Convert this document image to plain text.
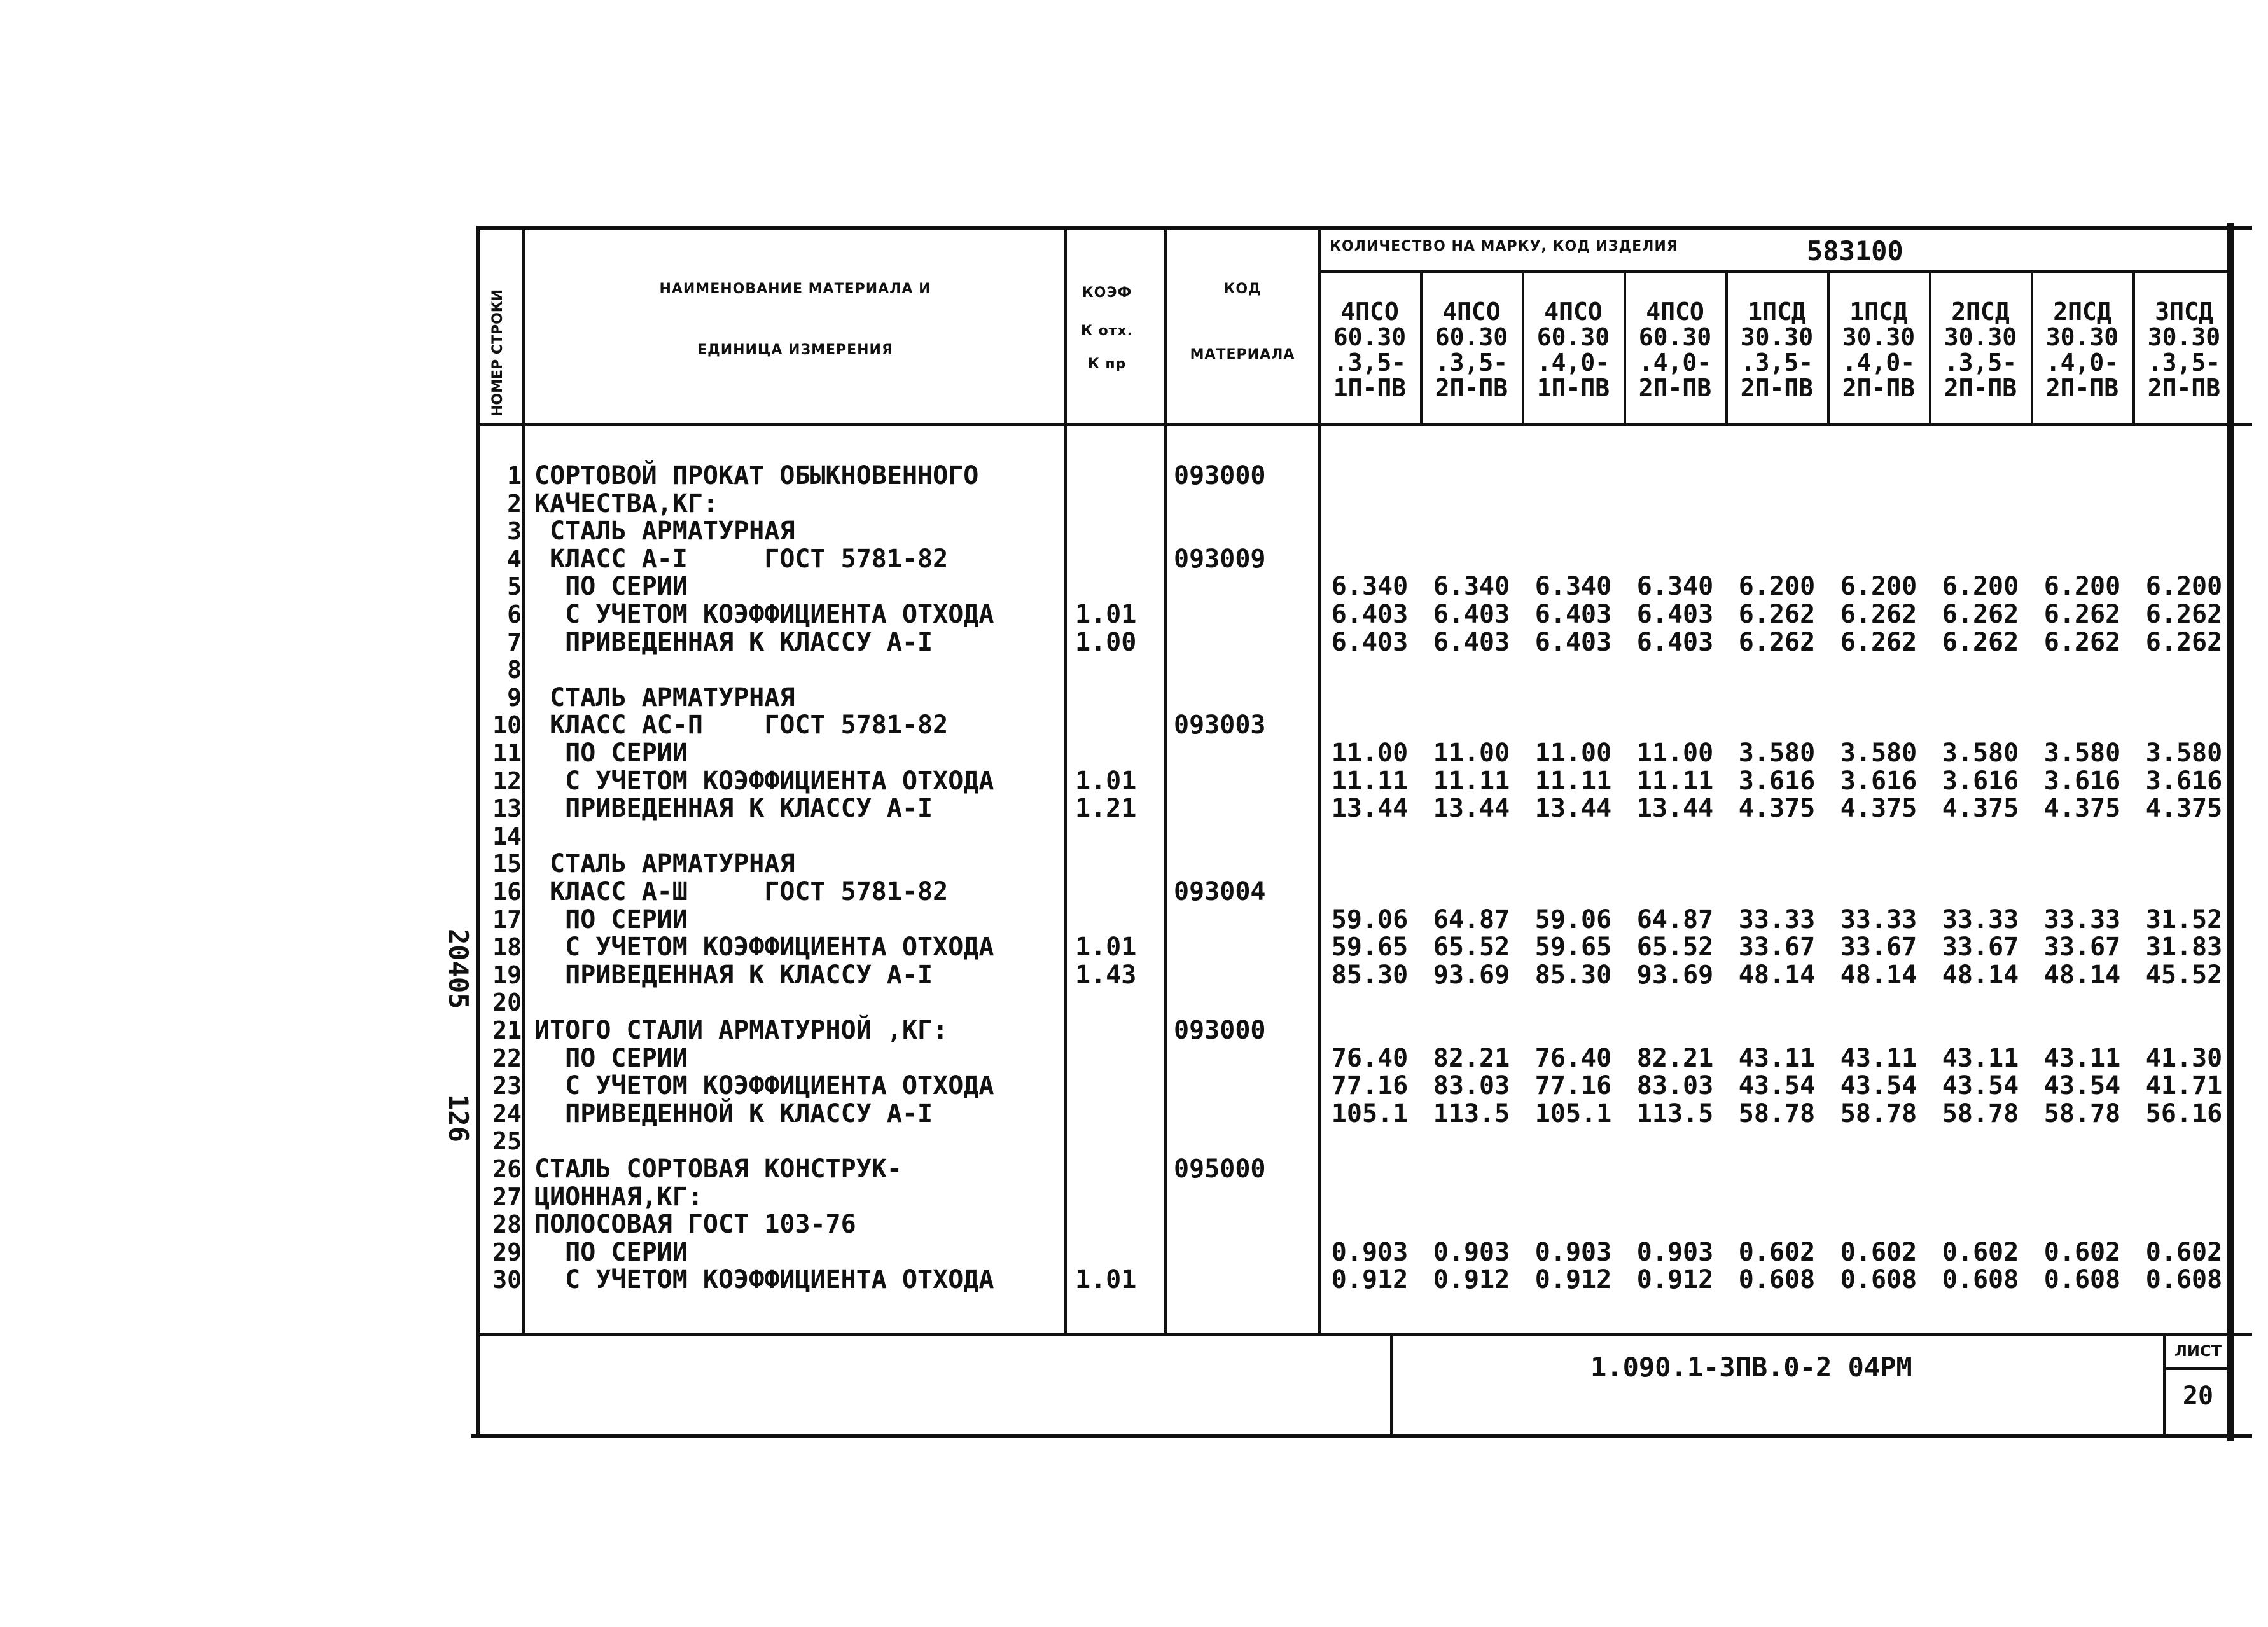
20405
126
НОМЕР СТРОКИ
НАИМЕНОВАНИЕ МАТЕРИАЛА И
ЕДИНИЦА ИЗМЕРЕНИЯ
КОЭФ
К отх.
К пр
КОД
МАТЕРИАЛА
КОЛИЧЕСТВО НА МАРКУ, КОД ИЗДЕЛИЯ	583100
4ПСО
60.30
.3,5-
1П-ПВ
4ПСО
60.30
.3,5-
2П-ПВ
4ПСО
60.30
.4,0-
1П-ПВ
4ПСО
60.30
.4,0-
2П-ПВ
1ПСД
30.30
.3,5-
2П-ПВ
1ПСД
30.30
.4,0-
2П-ПВ
2ПСД
30.30
.3,5-
2П-ПВ
2ПСД
30.30
.4,0-
2П-ПВ
3ПСД
30.30
.3,5-
2П-ПВ
1 СОРТОВОЙ ПРОКАТ ОБЫКНОВЕННОГО	093000
2 КАЧЕСТВА,КГ:
3 СТАЛЬ АРМАТУРНАЯ
4 КЛАСС А-I     ГОСТ 5781-82	093009
5 ПО СЕРИИ	6.340 6.340 6.340 6.340 6.200 6.200 6.200 6.200 6.200
6 С УЧЕТОМ КОЭФФИЦИЕНТА ОТХОДА	1.01	6.403 6.403 6.403 6.403 6.262 6.262 6.262 6.262 6.262
7 ПРИВЕДЕННАЯ К КЛАССУ А-I	1.00	6.403 6.403 6.403 6.403 6.262 6.262 6.262 6.262 6.262
8
9 СТАЛЬ АРМАТУРНАЯ
10 КЛАСС АС-П    ГОСТ 5781-82	093003
11 ПО СЕРИИ	11.00 11.00 11.00 11.00 3.580 3.580 3.580 3.580 3.580
12 С УЧЕТОМ КОЭФФИЦИЕНТА ОТХОДА	1.01	11.11 11.11 11.11 11.11 3.616 3.616 3.616 3.616 3.616
13 ПРИВЕДЕННАЯ К КЛАССУ А-I	1.21	13.44 13.44 13.44 13.44 4.375 4.375 4.375 4.375 4.375
14
15 СТАЛЬ АРМАТУРНАЯ
16 КЛАСС А-Ш     ГОСТ 5781-82	093004
17 ПО СЕРИИ	59.06 64.87 59.06 64.87 33.33 33.33 33.33 33.33 31.52
18 С УЧЕТОМ КОЭФФИЦИЕНТА ОТХОДА	1.01	59.65 65.52 59.65 65.52 33.67 33.67 33.67 33.67 31.83
19 ПРИВЕДЕННАЯ К КЛАССУ А-I	1.43	85.30 93.69 85.30 93.69 48.14 48.14 48.14 48.14 45.52
20
21 ИТОГО СТАЛИ АРМАТУРНОЙ ,КГ:	093000
22 ПО СЕРИИ	76.40 82.21 76.40 82.21 43.11 43.11 43.11 43.11 41.30
23 С УЧЕТОМ КОЭФФИЦИЕНТА ОТХОДА	77.16 83.03 77.16 83.03 43.54 43.54 43.54 43.54 41.71
24 ПРИВЕДЕННОЙ К КЛАССУ А-I	105.1 113.5 105.1 113.5 58.78 58.78 58.78 58.78 56.16
25
26 СТАЛЬ СОРТОВАЯ КОНСТРУК-	095000
27 ЦИОННАЯ,КГ:
28 ПОЛОСОВАЯ ГОСТ 103-76
29 ПО СЕРИИ	0.903 0.903 0.903 0.903 0.602 0.602 0.602 0.602 0.602
30 С УЧЕТОМ КОЭФФИЦИЕНТА ОТХОДА	1.01	0.912 0.912 0.912 0.912 0.608 0.608 0.608 0.608 0.608
1.090.1-3ПВ.0-2 04РМ
ЛИСТ
20
